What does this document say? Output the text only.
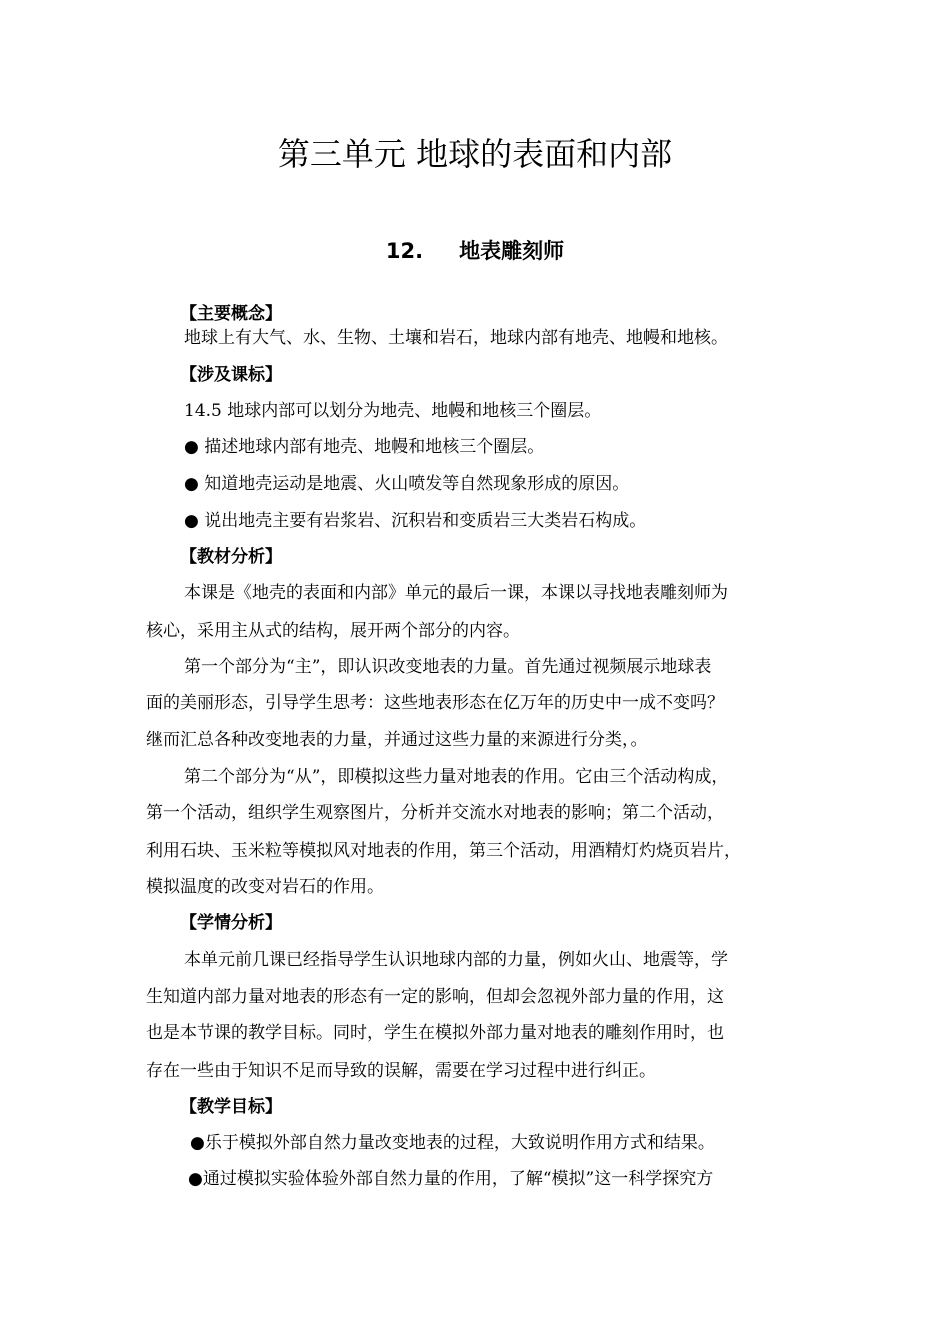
第三单元 地球的表面和内部
12. 地表雕刻师
【主要概念】
地球上有大气、水、生物、土壤和岩石，地球内部有地壳、地幔和地核。
【涉及课标】
14.5 地球内部可以划分为地壳、地幔和地核三个圈层。
● 描述地球内部有地壳、地幔和地核三个圈层。
● 知道地壳运动是地震、火山喷发等自然现象形成的原因。
● 说出地壳主要有岩浆岩、沉积岩和变质岩三大类岩石构成。
【教材分析】
本课是《地壳的表面和内部》单元的最后一课，本课以寻找地表雕刻师为
核心，采用主从式的结构，展开两个部分的内容。
第一个部分为“主”，即认识改变地表的力量。首先通过视频展示地球表
面的美丽形态，引导学生思考：这些地表形态在亿万年的历史中一成不变吗？
继而汇总各种改变地表的力量，并通过这些力量的来源进行分类，。
第二个部分为“从”，即模拟这些力量对地表的作用。它由三个活动构成，
第一个活动，组织学生观察图片，分析并交流水对地表的影响；第二个活动，
利用石块、玉米粒等模拟风对地表的作用，第三个活动，用酒精灯灼烧页岩片，
模拟温度的改变对岩石的作用。
【学情分析】
本单元前几课已经指导学生认识地球内部的力量，例如火山、地震等，学
生知道内部力量对地表的形态有一定的影响，但却会忽视外部力量的作用，这
也是本节课的教学目标。同时，学生在模拟外部力量对地表的雕刻作用时，也
存在一些由于知识不足而导致的误解，需要在学习过程中进行纠正。
【教学目标】
●乐于模拟外部自然力量改变地表的过程，大致说明作用方式和结果。
●通过模拟实验体验外部自然力量的作用，了解“模拟”这一科学探究方
